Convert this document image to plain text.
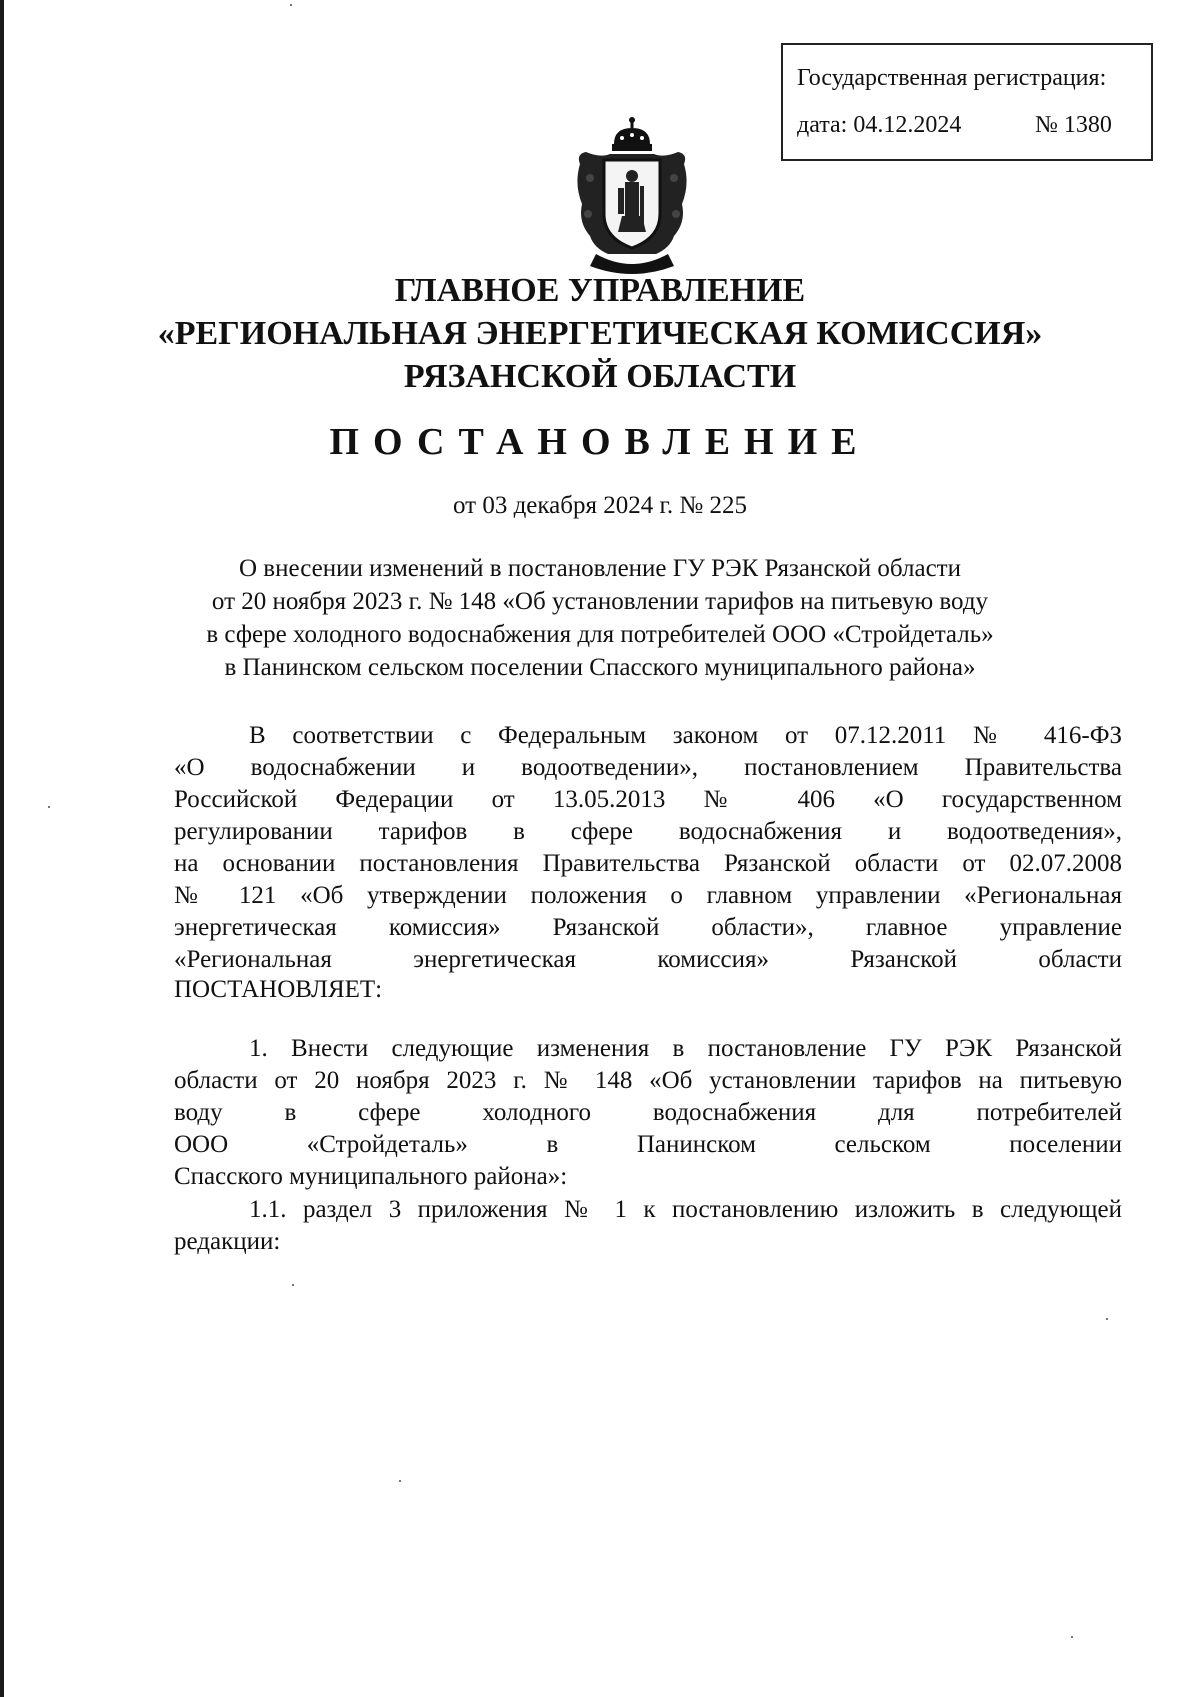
Государственная регистрация:
дата: 04.12.2024	№ 1380
ГЛАВНОЕ УПРАВЛЕНИЕ
«РЕГИОНАЛЬНАЯ ЭНЕРГЕТИЧЕСКАЯ КОМИССИЯ»
РЯЗАНСКОЙ ОБЛАСТИ
ПОСТАНОВЛЕНИЕ
от 03 декабря 2024 г. № 225
О внесении изменений в постановление ГУ РЭК Рязанской области
от 20 ноября 2023 г. № 148 «Об установлении тарифов на питьевую воду
в сфере холодного водоснабжения для потребителей ООО «Стройдеталь»
в Панинском сельском поселении Спасского муниципального района»
В соответствии с Федеральным законом от 07.12.2011 № 416-ФЗ
«О водоснабжении и водоотведении», постановлением Правительства
Российской Федерации от 13.05.2013 № 406 «О государственном
регулировании тарифов в сфере водоснабжения и водоотведения»,
на основании постановления Правительства Рязанской области от 02.07.2008
№ 121 «Об утверждении положения о главном управлении «Региональная
энергетическая комиссия» Рязанской области», главное управление
«Региональная энергетическая комиссия» Рязанской области
ПОСТАНОВЛЯЕТ:
1. Внести следующие изменения в постановление ГУ РЭК Рязанской
области от 20 ноября 2023 г. № 148 «Об установлении тарифов на питьевую
воду в сфере холодного водоснабжения для потребителей
ООО «Стройдеталь» в Панинском сельском поселении
Спасского муниципального района»:
1.1. раздел 3 приложения № 1 к постановлению изложить в следующей
редакции:
